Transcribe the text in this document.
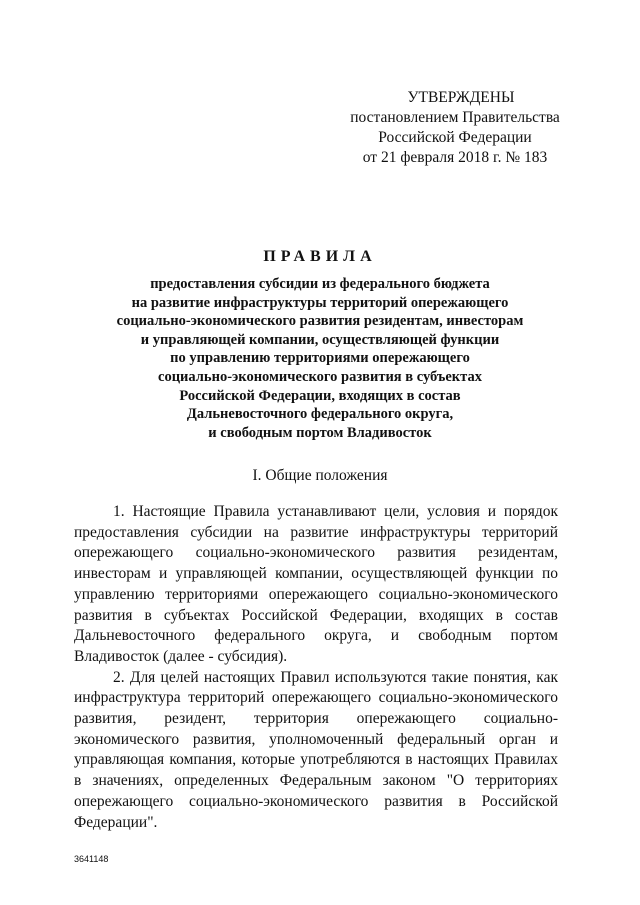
УТВЕРЖДЕНЫ
постановлением Правительства
Российской Федерации
от 21 февраля 2018 г. № 183
ПРАВИЛА
предоставления субсидии из федерального бюджета
на развитие инфраструктуры территорий опережающего
социально-экономического развития резидентам, инвесторам
и управляющей компании, осуществляющей функции
по управлению территориями опережающего
социально-экономического развития в субъектах
Российской Федерации, входящих в состав
Дальневосточного федерального округа,
и свободным портом Владивосток
I. Общие положения

1. Настоящие Правила устанавливают цели, условия и порядок предоставления субсидии на развитие инфраструктуры территорий опережающего социально-экономического развития резидентам, инвесторам и управляющей компании, осуществляющей функции по управлению территориями опережающего социально-экономического развития в субъектах Российской Федерации, входящих в состав Дальневосточного федерального округа, и свободным портом Владивосток (далее - субсидия).

2. Для целей настоящих Правил используются такие понятия, как инфраструктура территорий опережающего социально-экономического развития, резидент, территория опережающего социально-экономического развития, уполномоченный федеральный орган и управляющая компания, которые употребляются в настоящих Правилах в значениях, определенных Федеральным законом "О территориях опережающего социально-экономического развития в Российской Федерации".

3641148
